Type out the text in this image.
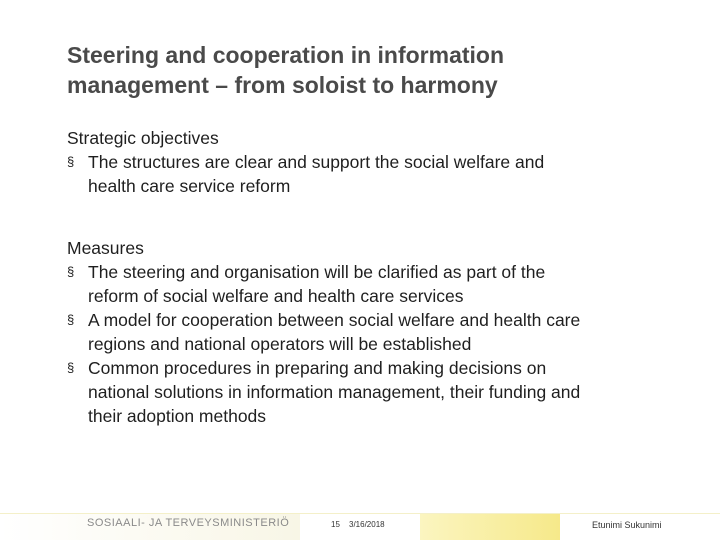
Steering and cooperation in information
management – from soloist to harmony
Strategic objectives
§ The structures are clear and support the social welfare and
health care service reform
Measures
§ The steering and organisation will be clarified as part of the
reform of social welfare and health care services
§ A model for cooperation between social welfare and health care
regions and national operators will be established
§ Common procedures in preparing and making decisions on
national solutions in information management, their funding and
their adoption methods
SOSIAALI- JA TERVEYSMINISTERIÖ	15 3/16/2018	Etunimi Sukunimi
